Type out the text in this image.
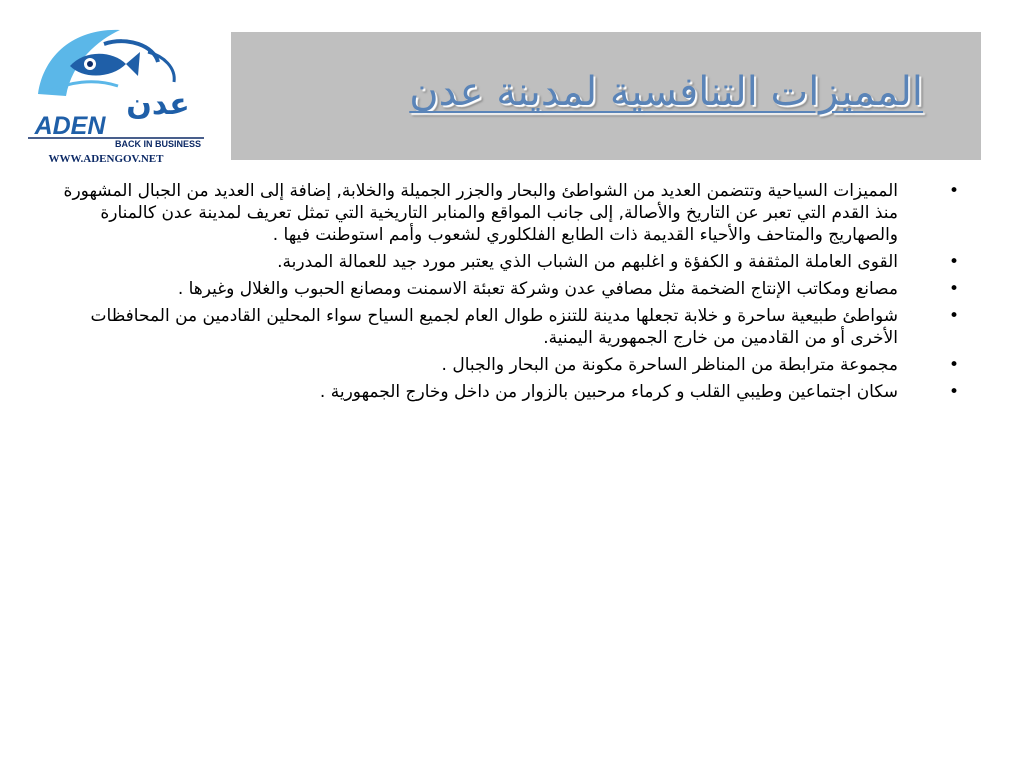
عدن
ADEN
BACK IN BUSINESS
WWW.ADENGOV.NET
المميزات التنافسية لمدينة عدن
•
المميزات السياحية وتتضمن العديد من الشواطئ والبحار والجزر الجميلة والخلابة, إضافة إلى العديد من الجبال المشهورة منذ القدم التي تعبر عن التاريخ والأصالة, إلى جانب المواقع والمنابر التاريخية التي تمثل تعريف لمدينة عدن كالمنارة والصهاريج والمتاحف والأحياء القديمة ذات الطابع الفلكلوري لشعوب وأمم استوطنت فيها .
•
القوى العاملة المثقفة و الكفؤة و اغلبهم من الشباب الذي يعتبر مورد جيد للعمالة المدربة.
•
مصانع ومكاتب الإنتاج الضخمة مثل مصافي عدن وشركة تعبئة الاسمنت ومصانع الحبوب والغلال وغيرها .
•
شواطئ طبيعية ساحرة و خلابة تجعلها مدينة للتنزه طوال العام لجميع السياح سواء المحلين القادمين من المحافظات الأخرى أو من القادمين من خارج الجمهورية اليمنية.
•
مجموعة مترابطة من المناظر الساحرة مكونة من البحار والجبال .
•
سكان اجتماعين وطيبي القلب و كرماء مرحبين بالزوار من داخل وخارج الجمهورية .
